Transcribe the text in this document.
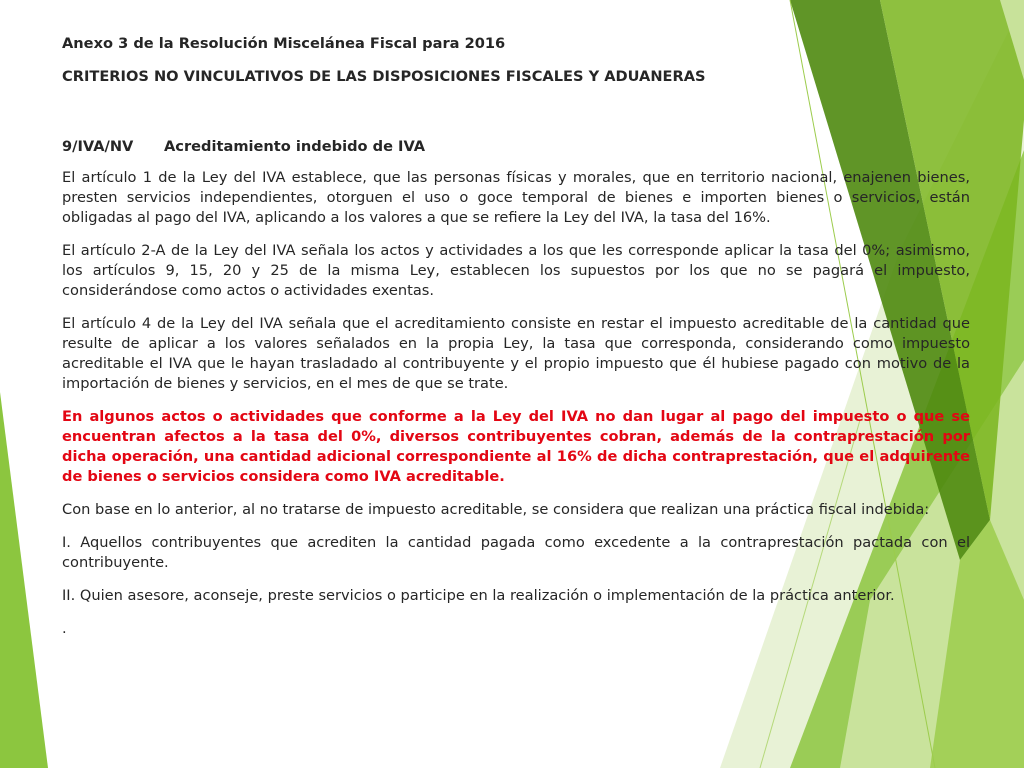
Anexo 3 de la Resolución Miscelánea Fiscal para 2016

CRITERIOS NO VINCULATIVOS DE LAS DISPOSICIONES FISCALES Y ADUANERAS

9/IVA/NV Acreditamiento indebido de IVA

El artículo 1 de la Ley del IVA establece, que las personas físicas y morales, que en territorio nacional, enajenen bienes, presten servicios independientes, otorguen el uso o goce temporal de bienes e importen bienes o servicios, están obligadas al pago del IVA, aplicando a los valores a que se refiere la Ley del IVA, la tasa del 16%.

El artículo 2-A de la Ley del IVA señala los actos y actividades a los que les corresponde aplicar la tasa del 0%; asimismo, los artículos 9, 15, 20 y 25 de la misma Ley, establecen los supuestos por los que no se pagará el impuesto, considerándose como actos o actividades exentas.

El artículo 4 de la Ley del IVA señala que el acreditamiento consiste en restar el impuesto acreditable de la cantidad que resulte de aplicar a los valores señalados en la propia Ley, la tasa que corresponda, considerando como impuesto acreditable el IVA que le hayan trasladado al contribuyente y el propio impuesto que él hubiese pagado con motivo de la importación de bienes y servicios, en el mes de que se trate.

En algunos actos o actividades que conforme a la Ley del IVA no dan lugar al pago del impuesto o que se encuentran afectos a la tasa del 0%, diversos contribuyentes cobran, además de la contraprestación por dicha operación, una cantidad adicional correspondiente al 16% de dicha contraprestación, que el adquirente de bienes o servicios considera como IVA acreditable.

Con base en lo anterior, al no tratarse de impuesto acreditable, se considera que realizan una práctica fiscal indebida:

I. Aquellos contribuyentes que acrediten la cantidad pagada como excedente a la contraprestación pactada con el contribuyente.

II. Quien asesore, aconseje, preste servicios o participe en la realización o implementación de la práctica anterior.

.
